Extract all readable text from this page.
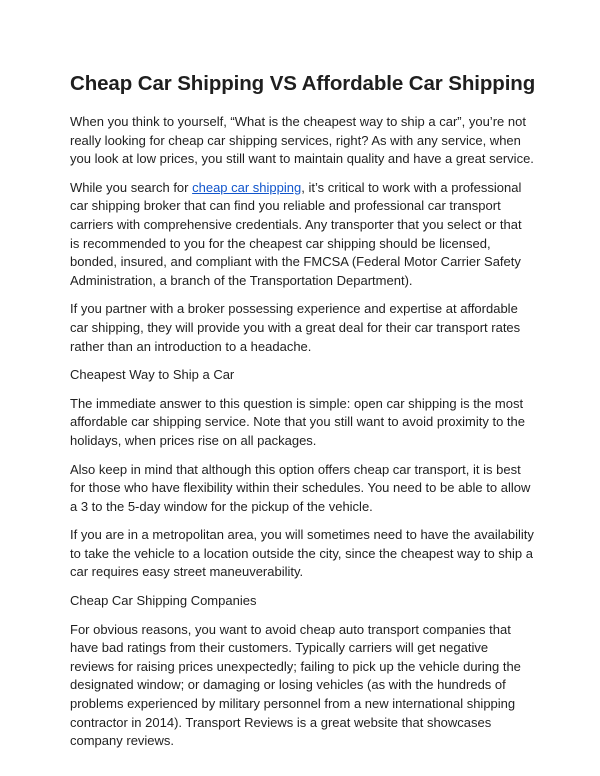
Cheap Car Shipping VS Affordable Car Shipping

When you think to yourself, “What is the cheapest way to ship a car”, you’re not really looking for cheap car shipping services, right? As with any service, when you look at low prices, you still want to maintain quality and have a great service.

While you search for cheap car shipping, it’s critical to work with a professional car shipping broker that can find you reliable and professional car transport carriers with comprehensive credentials. Any transporter that you select or that is recommended to you for the cheapest car shipping should be licensed, bonded, insured, and compliant with the FMCSA (Federal Motor Carrier Safety Administration, a branch of the Transportation Department).

If you partner with a broker possessing experience and expertise at affordable car shipping, they will provide you with a great deal for their car transport rates rather than an introduction to a headache.

Cheapest Way to Ship a Car

The immediate answer to this question is simple: open car shipping is the most affordable car shipping service. Note that you still want to avoid proximity to the holidays, when prices rise on all packages.

Also keep in mind that although this option offers cheap car transport, it is best for those who have flexibility within their schedules. You need to be able to allow a 3 to the 5-day window for the pickup of the vehicle.

If you are in a metropolitan area, you will sometimes need to have the availability to take the vehicle to a location outside the city, since the cheapest way to ship a car requires easy street maneuverability.

Cheap Car Shipping Companies

For obvious reasons, you want to avoid cheap auto transport companies that have bad ratings from their customers. Typically carriers will get negative reviews for raising prices unexpectedly; failing to pick up the vehicle during the designated window; or damaging or losing vehicles (as with the hundreds of problems experienced by military personnel from a new international shipping contractor in 2014). Transport Reviews is a great website that showcases company reviews.
